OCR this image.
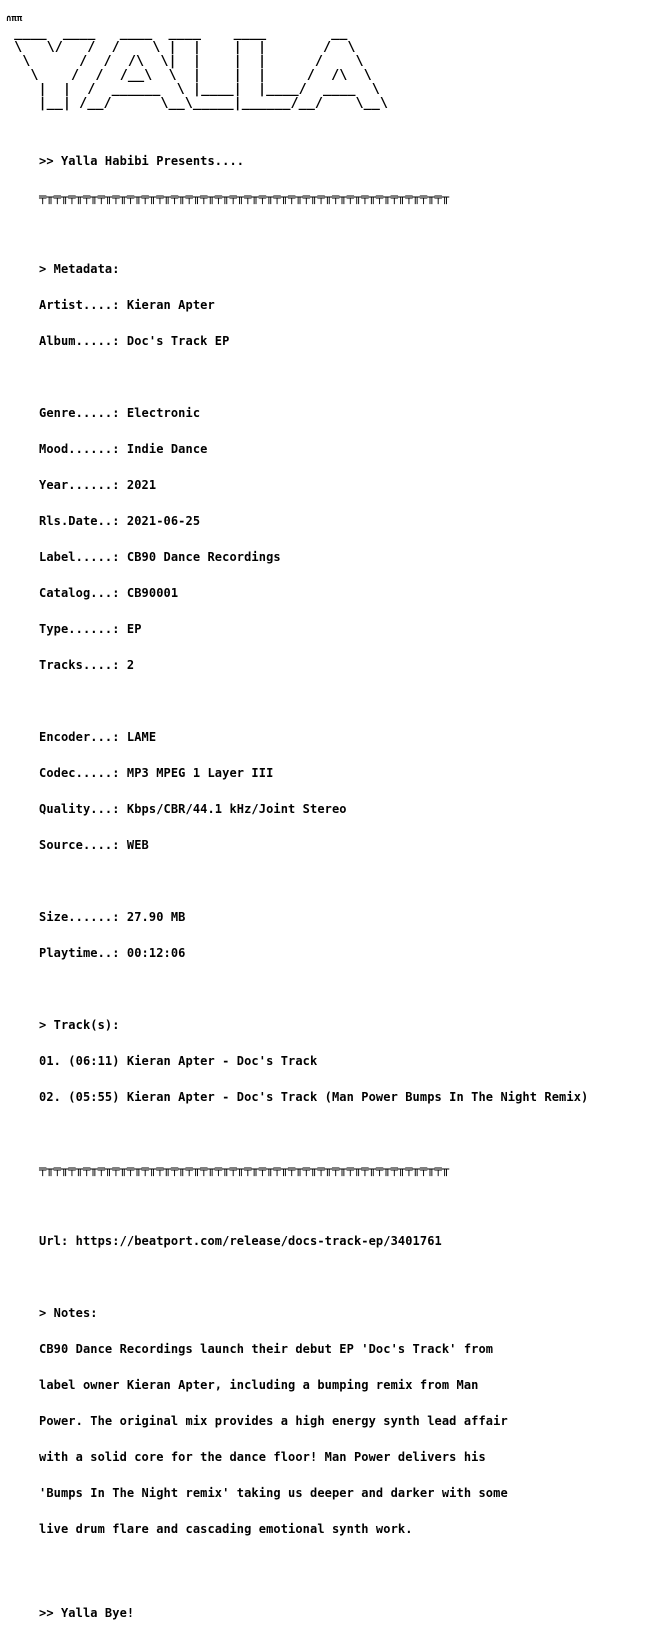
∩ππ
____  ____   ____  ____    ____        __
\   \/   /  /    \ |  |    |  |       /  \
\      /  /  /\  \|  |    |  |      /    \
\    /  /  /__\  \  |    |  |     /  /\  \
|  |  /  ______  \ |____|  |____/  ____  \
|__| /__/      \__\_____|______/__/    \__\

>> Yalla Habibi Presents....

╤╥╤╥╤╥╤╥╤╥╤╥╤╥╤╥╤╥╤╥╤╥╤╥╤╥╤╥╤╥╤╥╤╥╤╥╤╥╤╥╤╥╤╥╤╥╤╥╤╥╤╥╤╥╤╥

> Metadata:

Artist....: Kieran Apter

Album.....: Doc's Track EP

Genre.....: Electronic

Mood......: Indie Dance

Year......: 2021

Rls.Date..: 2021-06-25

Label.....: CB90 Dance Recordings

Catalog...: CB90001

Type......: EP

Tracks....: 2

Encoder...: LAME

Codec.....: MP3 MPEG 1 Layer III

Quality...: Kbps/CBR/44.1 kHz/Joint Stereo

Source....: WEB

Size......: 27.90 MB

Playtime..: 00:12:06

> Track(s):

01. (06:11) Kieran Apter - Doc's Track

02. (05:55) Kieran Apter - Doc's Track (Man Power Bumps In The Night Remix)

╤╥╤╥╤╥╤╥╤╥╤╥╤╥╤╥╤╥╤╥╤╥╤╥╤╥╤╥╤╥╤╥╤╥╤╥╤╥╤╥╤╥╤╥╤╥╤╥╤╥╤╥╤╥╤╥

Url: https://beatport.com/release/docs-track-ep/3401761

> Notes:

CB90 Dance Recordings launch their debut EP 'Doc's Track' from

label owner Kieran Apter, including a bumping remix from Man

Power. The original mix provides a high energy synth lead affair

with a solid core for the dance floor! Man Power delivers his

'Bumps In The Night remix' taking us deeper and darker with some

live drum flare and cascading emotional synth work.

>> Yalla Bye!
